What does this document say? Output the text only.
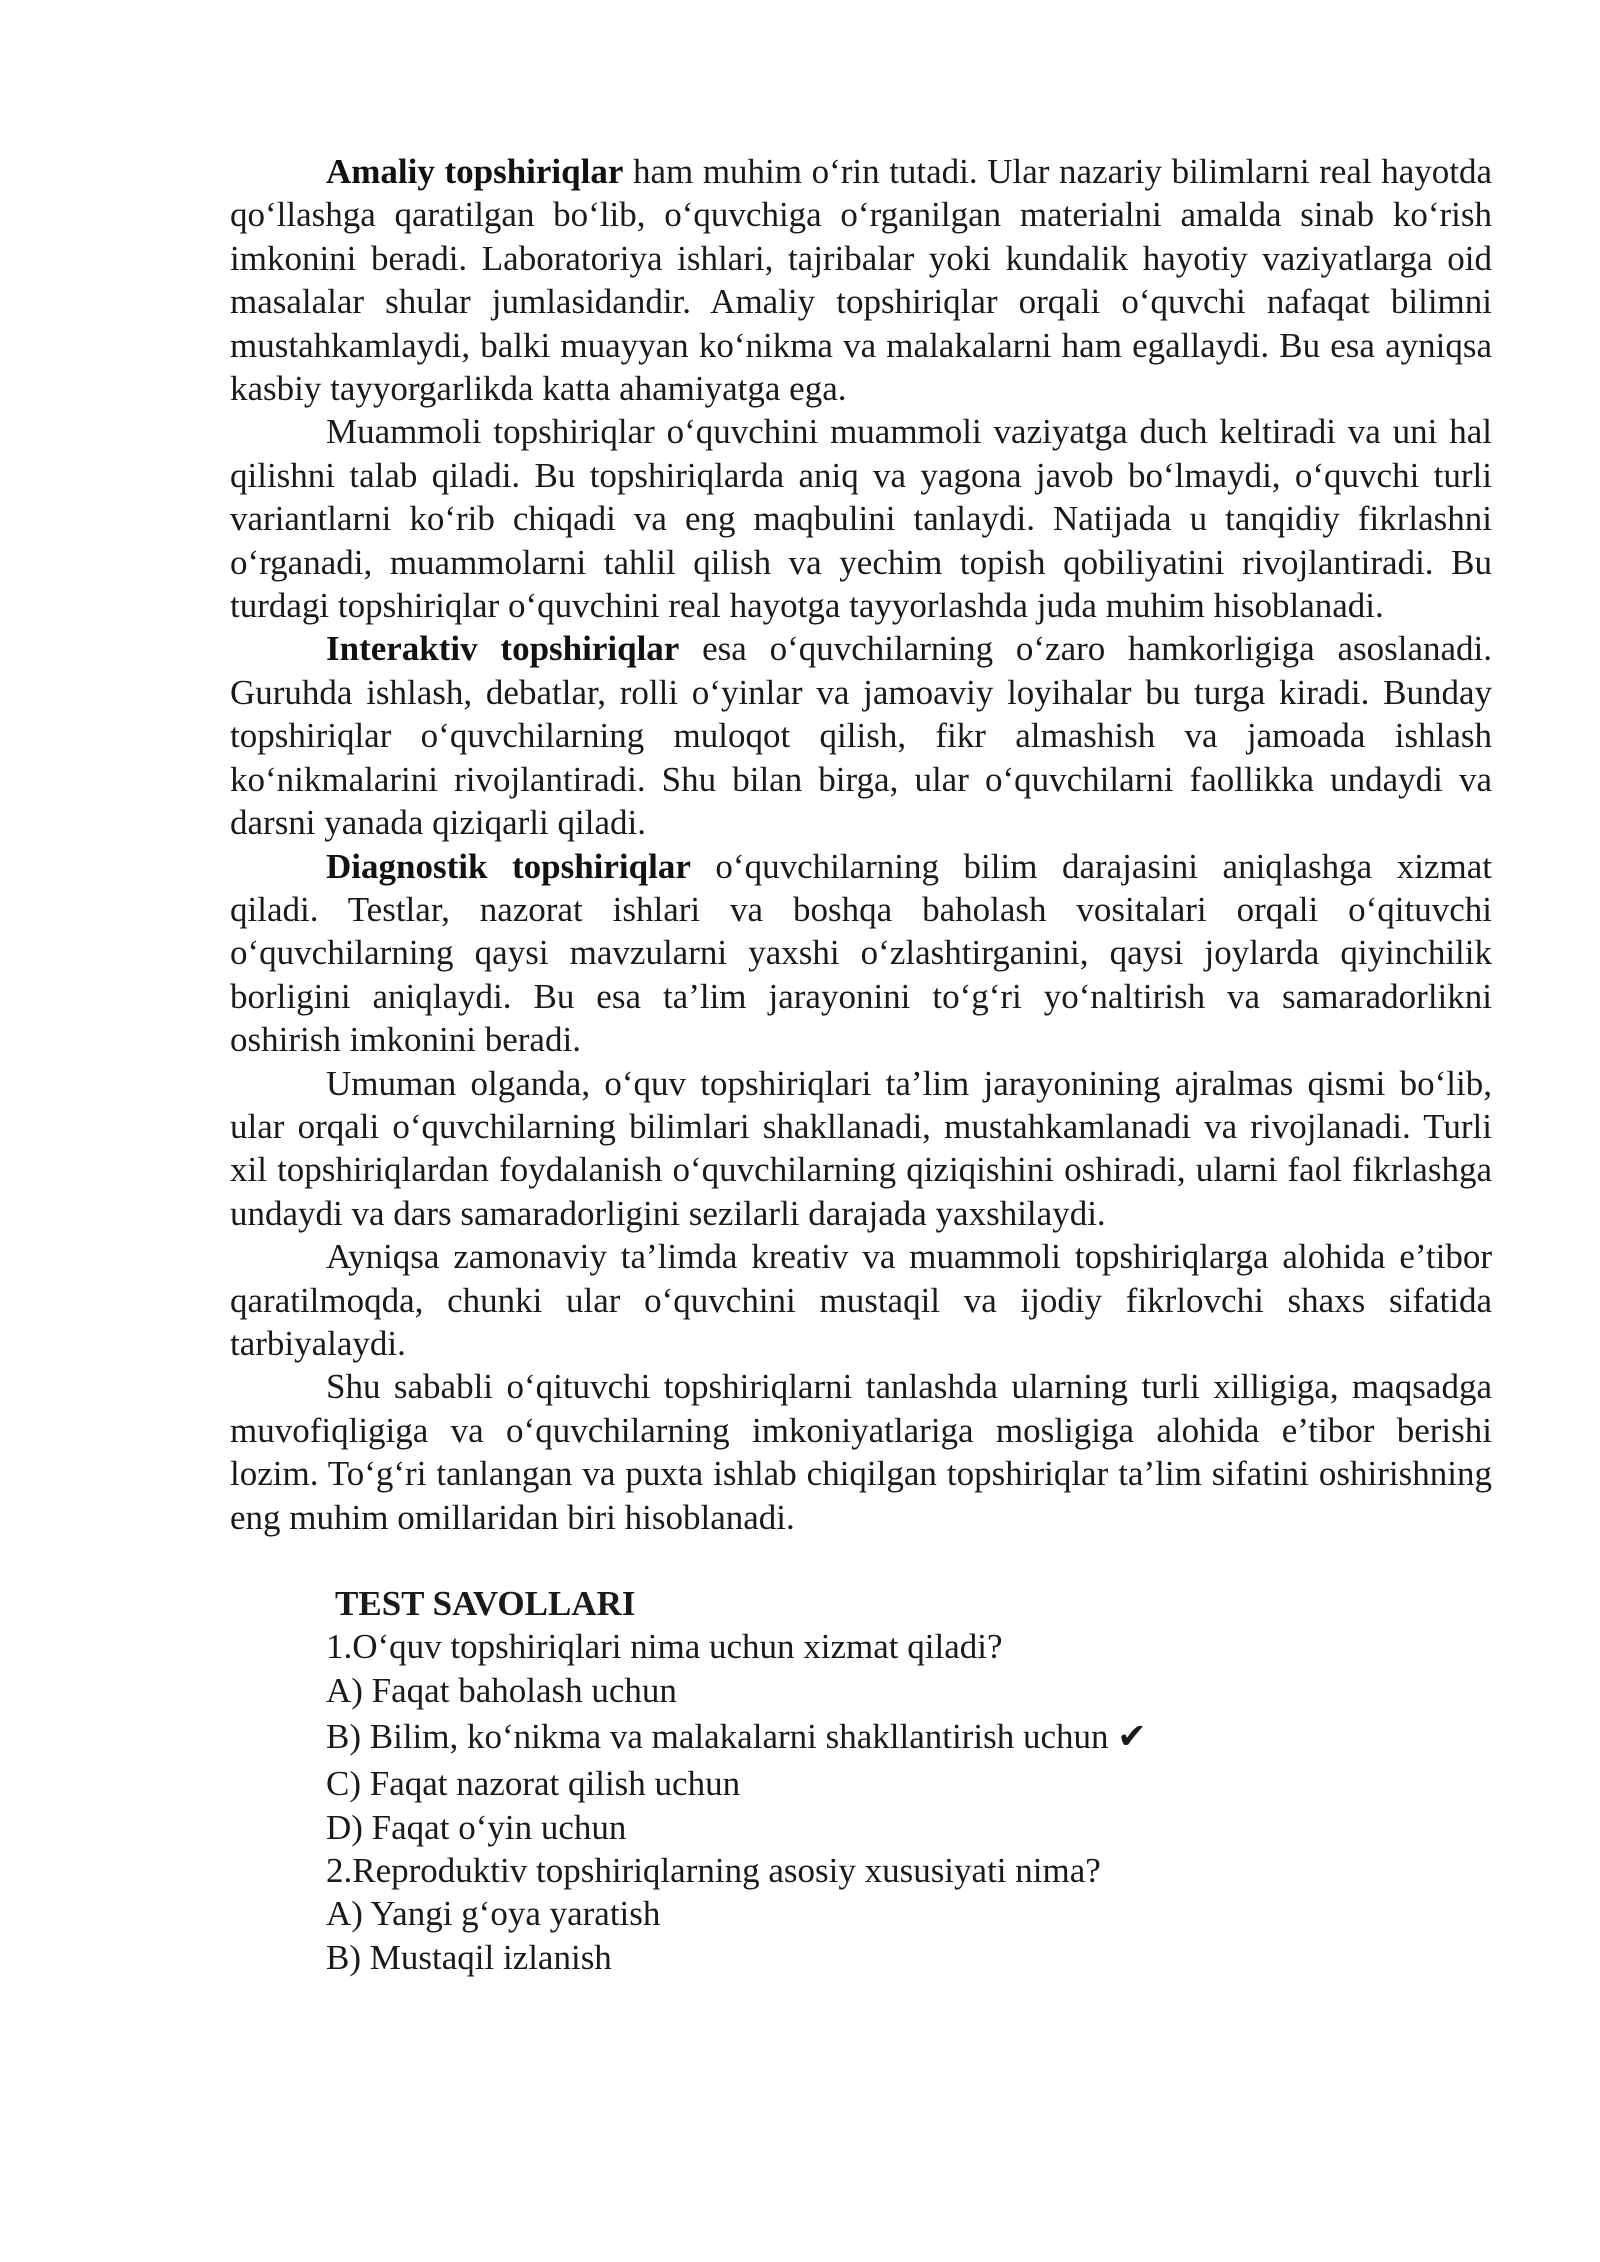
Amaliy topshiriqlar ham muhim o‘rin tutadi. Ular nazariy bilimlarni real hayotda qo‘llashga qaratilgan bo‘lib, o‘quvchiga o‘rganilgan materialni amalda sinab ko‘rish imkonini beradi. Laboratoriya ishlari, tajribalar yoki kundalik hayotiy vaziyatlarga oid masalalar shular jumlasidandir. Amaliy topshiriqlar orqali o‘quvchi nafaqat bilimni mustahkamlaydi, balki muayyan ko‘nikma va malakalarni ham egallaydi. Bu esa ayniqsa kasbiy tayyorgarlikda katta ahamiyatga ega.

Muammoli topshiriqlar o‘quvchini muammoli vaziyatga duch keltiradi va uni hal qilishni talab qiladi. Bu topshiriqlarda aniq va yagona javob bo‘lmaydi, o‘quvchi turli variantlarni ko‘rib chiqadi va eng maqbulini tanlaydi. Natijada u tanqidiy fikrlashni o‘rganadi, muammolarni tahlil qilish va yechim topish qobiliyatini rivojlantiradi. Bu turdagi topshiriqlar o‘quvchini real hayotga tayyorlashda juda muhim hisoblanadi.

Interaktiv topshiriqlar esa o‘quvchilarning o‘zaro hamkorligiga asoslanadi. Guruhda ishlash, debatlar, rolli o‘yinlar va jamoaviy loyihalar bu turga kiradi. Bunday topshiriqlar o‘quvchilarning muloqot qilish, fikr almashish va jamoada ishlash ko‘nikmalarini rivojlantiradi. Shu bilan birga, ular o‘quvchilarni faollikka undaydi va darsni yanada qiziqarli qiladi.

Diagnostik topshiriqlar o‘quvchilarning bilim darajasini aniqlashga xizmat qiladi. Testlar, nazorat ishlari va boshqa baholash vositalari orqali o‘qituvchi o‘quvchilarning qaysi mavzularni yaxshi o‘zlashtirganini, qaysi joylarda qiyinchilik borligini aniqlaydi. Bu esa ta’lim jarayonini to‘g‘ri yo‘naltirish va samaradorlikni oshirish imkonini beradi.

Umuman olganda, o‘quv topshiriqlari ta’lim jarayonining ajralmas qismi bo‘lib, ular orqali o‘quvchilarning bilimlari shakllanadi, mustahkamlanadi va rivojlanadi. Turli xil topshiriqlardan foydalanish o‘quvchilarning qiziqishini oshiradi, ularni faol fikrlashga undaydi va dars samaradorligini sezilarli darajada yaxshilaydi.

Ayniqsa zamonaviy ta’limda kreativ va muammoli topshiriqlarga alohida e’tibor qaratilmoqda, chunki ular o‘quvchini mustaqil va ijodiy fikrlovchi shaxs sifatida tarbiyalaydi.

Shu sababli o‘qituvchi topshiriqlarni tanlashda ularning turli xilligiga, maqsadga muvofiqligiga va o‘quvchilarning imkoniyatlariga mosligiga alohida e’tibor berishi lozim. To‘g‘ri tanlangan va puxta ishlab chiqilgan topshiriqlar ta’lim sifatini oshirishning eng muhim omillaridan biri hisoblanadi.

TEST SAVOLLARI

1.O‘quv topshiriqlari nima uchun xizmat qiladi?

A) Faqat baholash uchun

B) Bilim, ko‘nikma va malakalarni shakllantirish uchun ✔

C) Faqat nazorat qilish uchun

D) Faqat o‘yin uchun

2.Reproduktiv topshiriqlarning asosiy xususiyati nima?

A) Yangi g‘oya yaratish

B) Mustaqil izlanish
